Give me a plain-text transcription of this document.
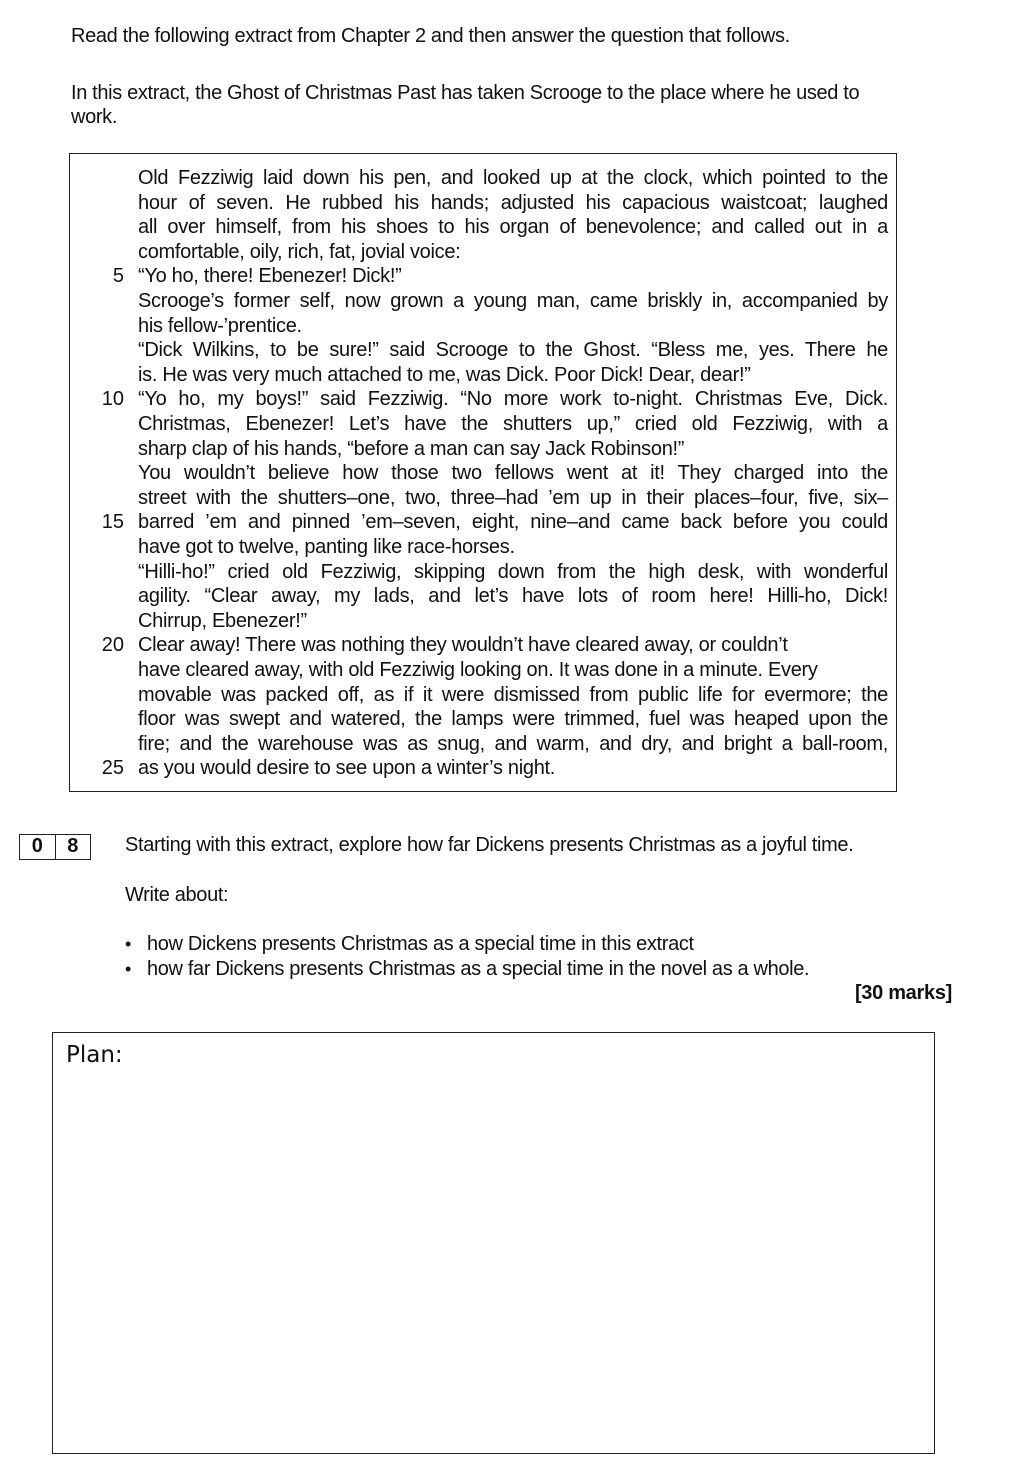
Read the following extract from Chapter 2 and then answer the question that follows.

In this extract, the Ghost of Christmas Past has taken Scrooge to the place where he used to work.

Old Fezziwig laid down his pen, and looked up at the clock, which pointed to the
hour of seven. He rubbed his hands; adjusted his capacious waistcoat; laughed
all over himself, from his shoes to his organ of benevolence; and called out in a
comfortable, oily, rich, fat, jovial voice:
“Yo ho, there! Ebenezer! Dick!”
5
Scrooge’s former self, now grown a young man, came briskly in, accompanied by
his fellow-’prentice.
“Dick Wilkins, to be sure!” said Scrooge to the Ghost. “Bless me, yes. There he
is. He was very much attached to me, was Dick. Poor Dick! Dear, dear!”
“Yo ho, my boys!” said Fezziwig. “No more work to-night. Christmas Eve, Dick.
10
Christmas, Ebenezer! Let’s have the shutters up,” cried old Fezziwig, with a
sharp clap of his hands, “before a man can say Jack Robinson!”
You wouldn’t believe how those two fellows went at it! They charged into the
street with the shutters–one, two, three–had ’em up in their places–four, five, six–
barred ’em and pinned ’em–seven, eight, nine–and came back before you could
15
have got to twelve, panting like race-horses.
“Hilli-ho!” cried old Fezziwig, skipping down from the high desk, with wonderful
agility. “Clear away, my lads, and let’s have lots of room here! Hilli-ho, Dick!
Chirrup, Ebenezer!”
Clear away! There was nothing they wouldn’t have cleared away, or couldn’t
20
have cleared away, with old Fezziwig looking on. It was done in a minute. Every
movable was packed off, as if it were dismissed from public life for evermore; the
floor was swept and watered, the lamps were trimmed, fuel was heaped upon the
fire; and the warehouse was as snug, and warm, and dry, and bright a ball-room,
as you would desire to see upon a winter’s night.
25
0	8	Starting with this extract, explore how far Dickens presents Christmas as a joyful time.

Write about:

• how Dickens presents Christmas as a special time in this extract
• how far Dickens presents Christmas as a special time in the novel as a whole.
[30 marks]
Plan:
